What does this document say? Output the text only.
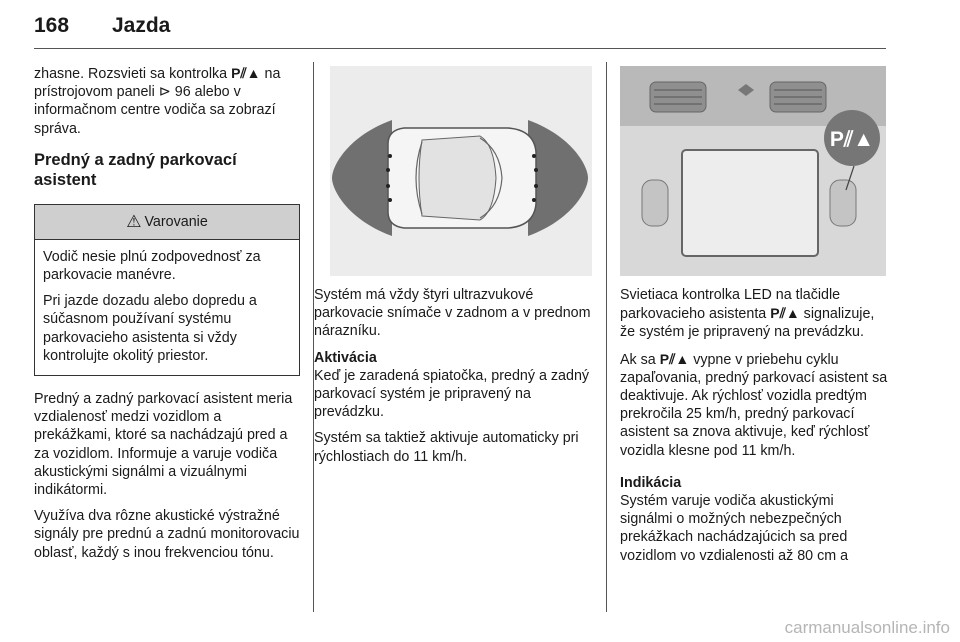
168 Jazda

zhasne. Rozsvieti sa kontrolka P⫽▲ na prístrojovom paneli ⊳ 96 alebo v informačnom centre vodiča sa zobrazí správa.

Predný a zadný parkovací asistent
⚠ Varovanie

Vodič nesie plnú zodpovednosť za parkovacie manévre.

Pri jazde dozadu alebo dopredu a súčasnom používaní systému parkovacieho asistenta si vždy kontrolujte okolitý priestor.

Predný a zadný parkovací asistent meria vzdialenosť medzi vozidlom a prekážkami, ktoré sa nachádzajú pred a za vozidlom. Informuje a varuje vodiča akustickými signálmi a vizuálnymi indikátormi.

Využíva dva rôzne akustické výstražné signály pre prednú a zadnú monitorovaciu oblasť, každý s inou frekvenciou tónu.

P⫽▲

Systém má vždy štyri ultrazvukové parkovacie snímače v zadnom a v prednom nárazníku.

Aktivácia

Keď je zaradená spiatočka, predný a zadný parkovací systém je pripravený na prevádzku.

Systém sa taktiež aktivuje automaticky pri rýchlostiach do 11 km/h.

Svietiaca kontrolka LED na tlačidle parkovacieho asistenta P⫽▲ signalizuje, že systém je pripravený na prevádzku.

Ak sa P⫽▲ vypne v priebehu cyklu zapaľovania, predný parkovací asistent sa deaktivuje. Ak rýchlosť vozidla predtým prekročila 25 km/h, predný parkovací asistent sa znova aktivuje, keď rýchlosť vozidla klesne pod 11 km/h.

Indikácia

Systém varuje vodiča akustickými signálmi o možných nebezpečných prekážkach nachádzajúcich sa pred vozidlom vo vzdialenosti až 80 cm a

carmanualsonline.info
